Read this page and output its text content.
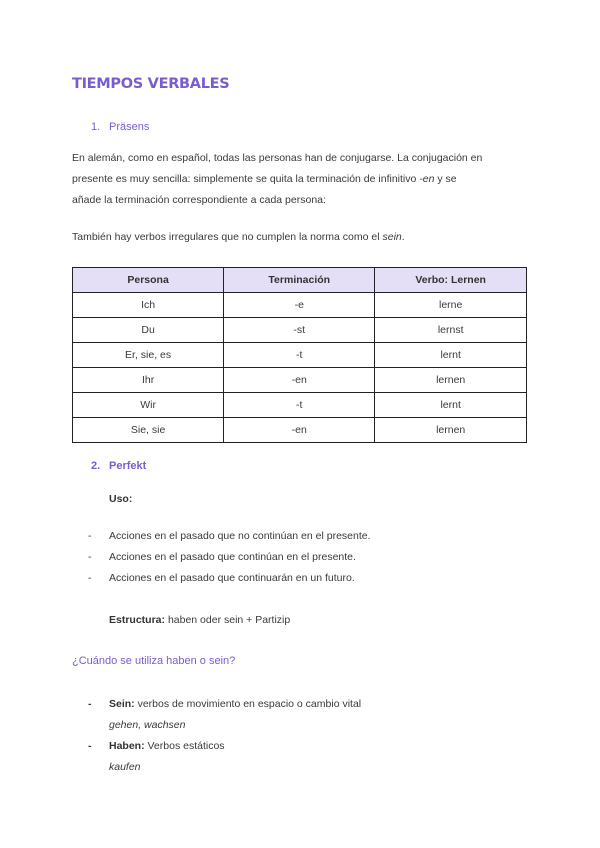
TIEMPOS VERBALES

1. Präsens

En alemán, como en español, todas las personas han de conjugarse. La conjugación en
presente es muy sencilla: simplemente se quita la terminación de infinitivo -en y se
añade la terminación correspondiente a cada persona:

También hay verbos irregulares que no cumplen la norma como el sein.

Persona	Terminación	Verbo: Lernen
Ich	-e	lerne
Du	-st	lernst
Er, sie, es	-t	lernt
Ihr	-en	lernen
Wir	-t	lernt
Sie, sie	-en	lernen

2. Perfekt

Uso:

- Acciones en el pasado que no continúan en el presente.
- Acciones en el pasado que continúan en el presente.
- Acciones en el pasado que continuarán en un futuro.

Estructura: haben oder sein + Partizip

¿Cuándo se utiliza haben o sein?

- Sein: verbos de movimiento en espacio o cambio vital
gehen, wachsen
- Haben: Verbos estáticos
kaufen
